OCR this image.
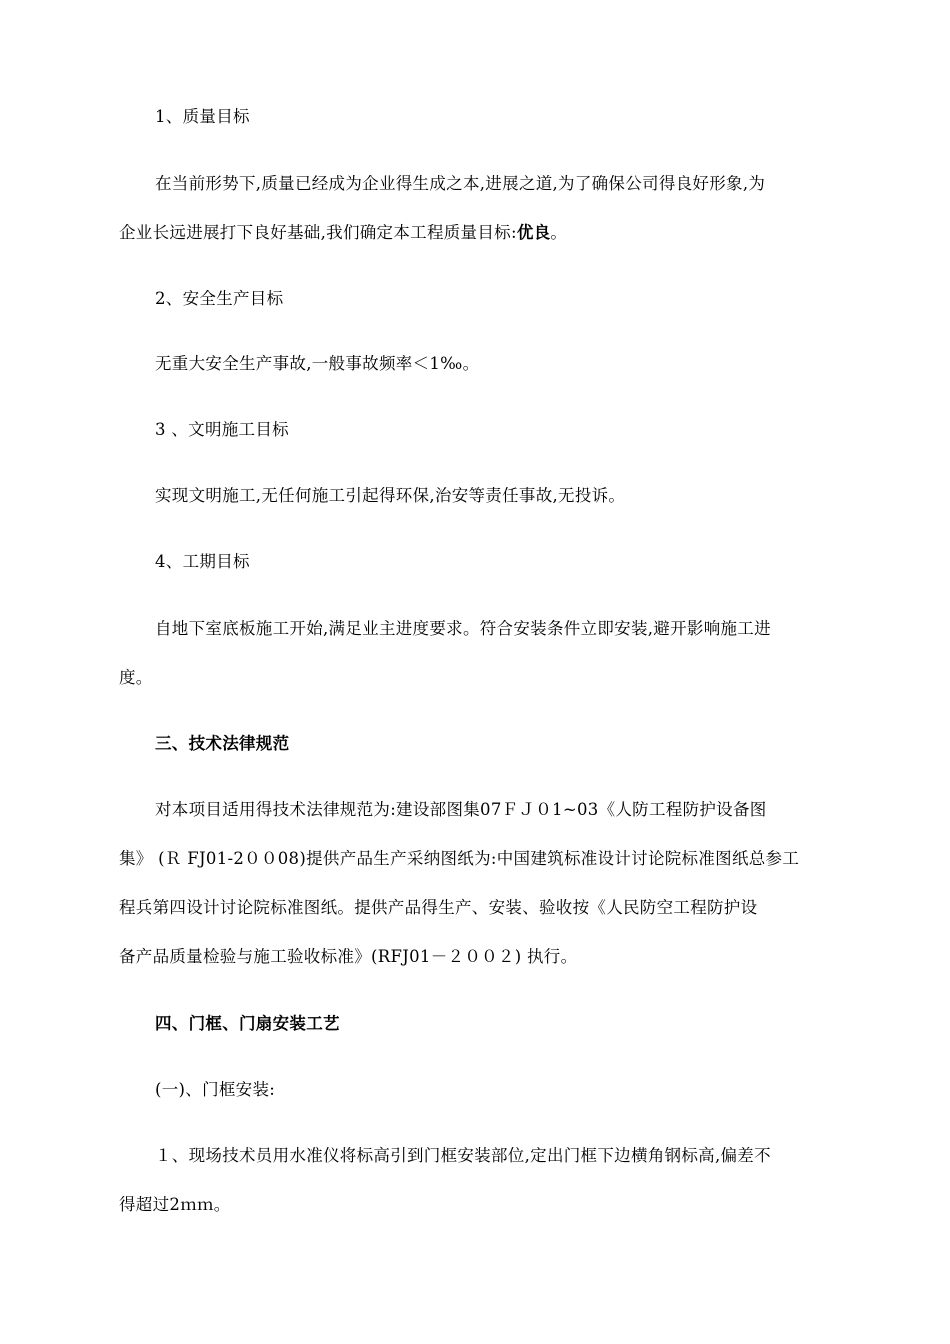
1、质量目标
在当前形势下,质量已经成为企业得生成之本,进展之道,为了确保公司得良好形象,为
企业长远进展打下良好基础,我们确定本工程质量目标:优良。
2、安全生产目标
无重大安全生产事故,一般事故频率＜1‰。
3 、文明施工目标
实现文明施工,无任何施工引起得环保,治安等责任事故,无投诉。
4、工期目标
自地下室底板施工开始,满足业主进度要求。符合安装条件立即安装,避开影响施工进
度。
三、技术法律规范
对本项目适用得技术法律规范为:建设部图集07ＦＪ０1~03《人防工程防护设备图
集》 (Ｒ FJ01-2００08)提供产品生产采纳图纸为:中国建筑标准设计讨论院标准图纸总参工
程兵第四设计讨论院标准图纸。提供产品得生产、安装、验收按《人民防空工程防护设
备产品质量检验与施工验收标准》(RFJ01－２００２) 执行。
四、门框、门扇安装工艺
(一)、门框安装:
１、现场技术员用水准仪将标高引到门框安装部位,定出门框下边横角钢标高,偏差不
得超过2ｍｍ。
